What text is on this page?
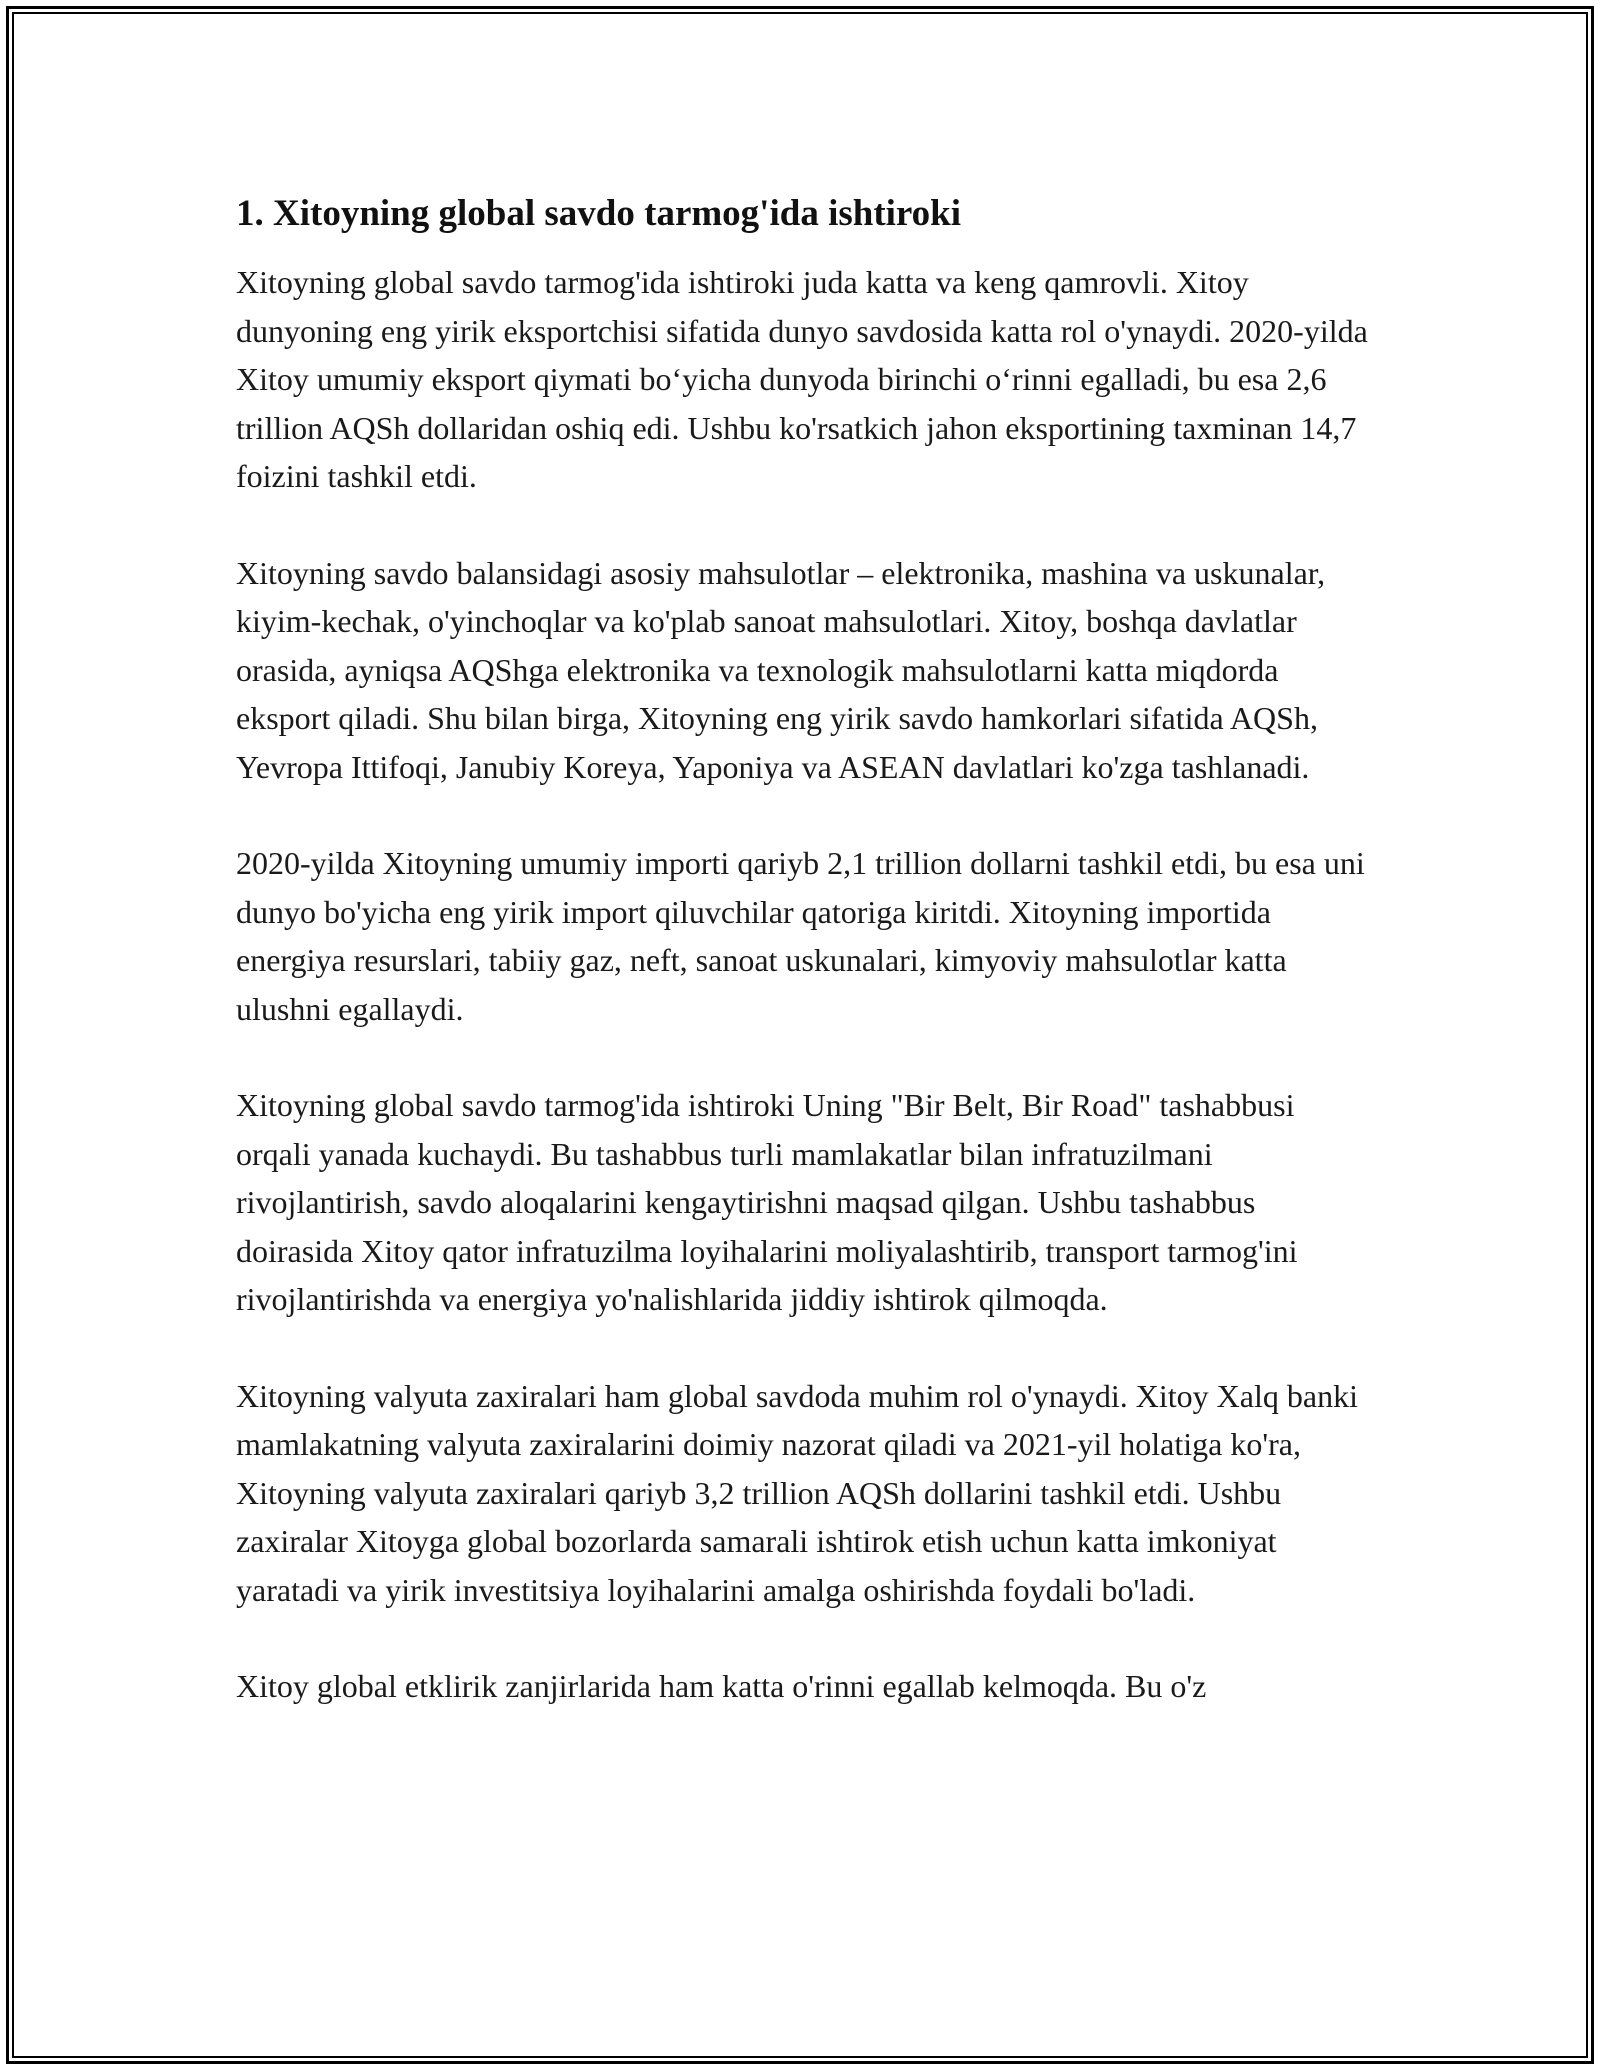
1. Xitoyning global savdo tarmog'ida ishtiroki

Xitoyning global savdo tarmog'ida ishtiroki juda katta va keng qamrovli. Xitoy dunyoning eng yirik eksportchisi sifatida dunyo savdosida katta rol o'ynaydi. 2020-yilda Xitoy umumiy eksport qiymati bo‘yicha dunyoda birinchi o‘rinni egalladi, bu esa 2,6 trillion AQSh dollaridan oshiq edi. Ushbu ko'rsatkich jahon eksportining taxminan 14,7 foizini tashkil etdi.

Xitoyning savdo balansidagi asosiy mahsulotlar – elektronika, mashina va uskunalar, kiyim-kechak, o'yinchoqlar va ko'plab sanoat mahsulotlari. Xitoy, boshqa davlatlar orasida, ayniqsa AQShga elektronika va texnologik mahsulotlarni katta miqdorda eksport qiladi. Shu bilan birga, Xitoyning eng yirik savdo hamkorlari sifatida AQSh, Yevropa Ittifoqi, Janubiy Koreya, Yaponiya va ASEAN davlatlari ko'zga tashlanadi.

2020-yilda Xitoyning umumiy importi qariyb 2,1 trillion dollarni tashkil etdi, bu esa uni dunyo bo'yicha eng yirik import qiluvchilar qatoriga kiritdi. Xitoyning importida energiya resurslari, tabiiy gaz, neft, sanoat uskunalari, kimyoviy mahsulotlar katta ulushni egallaydi.

Xitoyning global savdo tarmog'ida ishtiroki Uning "Bir Belt, Bir Road" tashabbusi orqali yanada kuchaydi. Bu tashabbus turli mamlakatlar bilan infratuzilmani rivojlantirish, savdo aloqalarini kengaytirishni maqsad qilgan. Ushbu tashabbus doirasida Xitoy qator infratuzilma loyihalarini moliyalashtirib, transport tarmog'ini rivojlantirishda va energiya yo'nalishlarida jiddiy ishtirok qilmoqda.

Xitoyning valyuta zaxiralari ham global savdoda muhim rol o'ynaydi. Xitoy Xalq banki mamlakatning valyuta zaxiralarini doimiy nazorat qiladi va 2021-yil holatiga ko'ra, Xitoyning valyuta zaxiralari qariyb 3,2 trillion AQSh dollarini tashkil etdi. Ushbu zaxiralar Xitoyga global bozorlarda samarali ishtirok etish uchun katta imkoniyat yaratadi va yirik investitsiya loyihalarini amalga oshirishda foydali bo'ladi.

Xitoy global etklirik zanjirlarida ham katta o'rinni egallab kelmoqda. Bu o'z
